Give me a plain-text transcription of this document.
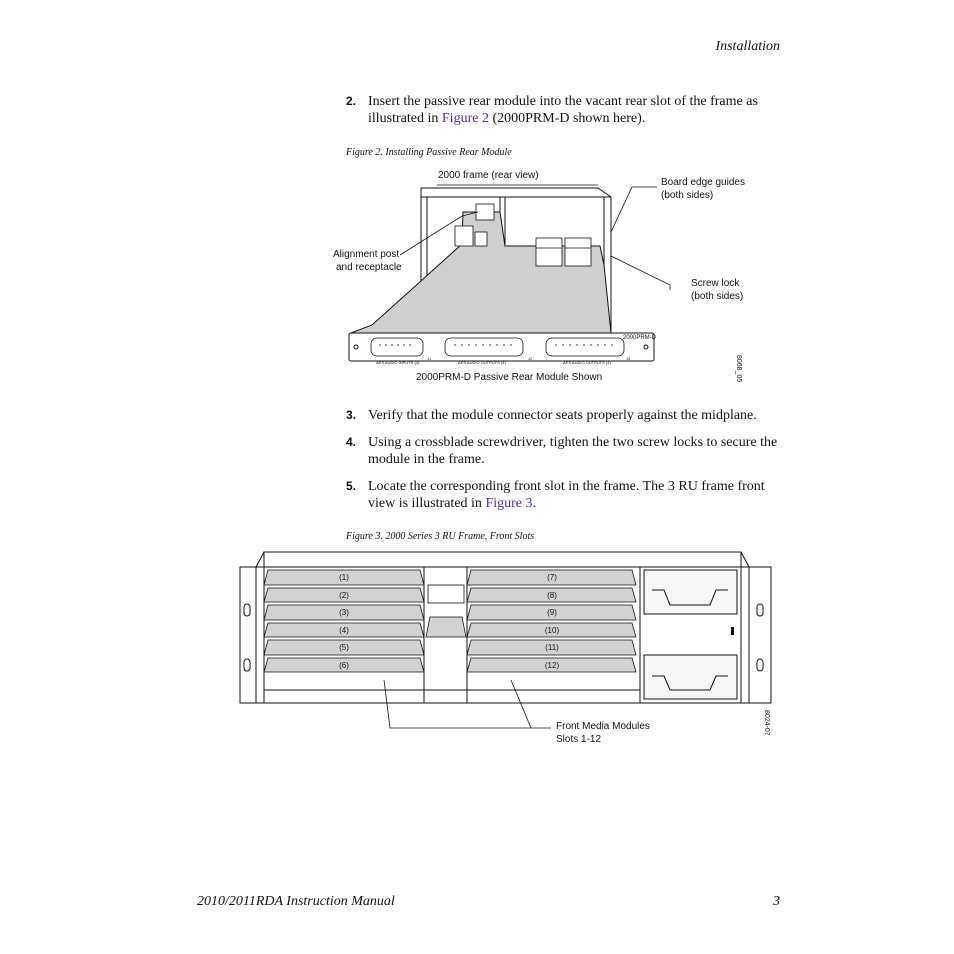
Installation
2. Insert the passive rear module into the vacant rear slot of the frame as illustrated in Figure 2 (2000PRM-D shown here).
Figure 2. Installing Passive Rear Module
AES AUDIO INPUTS (4)	AES AUDIO OUTPUTS (4)	AES AUDIO OUTPUTS (4)
J1	J2	J3
2000PRM-D
2000 frame (rear view)
Board edge guides
(both sides)
Alignment post
and receptacle
Screw lock
(both sides)
2000PRM-D Passive Rear Module Shown	8068_05
3. Verify that the module connector seats properly against the midplane.
4. Using a crossblade screwdriver, tighten the two screw locks to secure the module in the frame.
5. Locate the corresponding front slot in the frame. The 3 RU frame front view is illustrated in Figure 3.
Figure 3. 2000 Series 3 RU Frame, Front Slots
(1)
(2)
(3)
(4)
(5)
(6)
(7)
(8)
(9)
(10)
(11)
(12)
Front Media Modules
Slots 1-12
8024-07
2010/2011RDA Instruction Manual	3
